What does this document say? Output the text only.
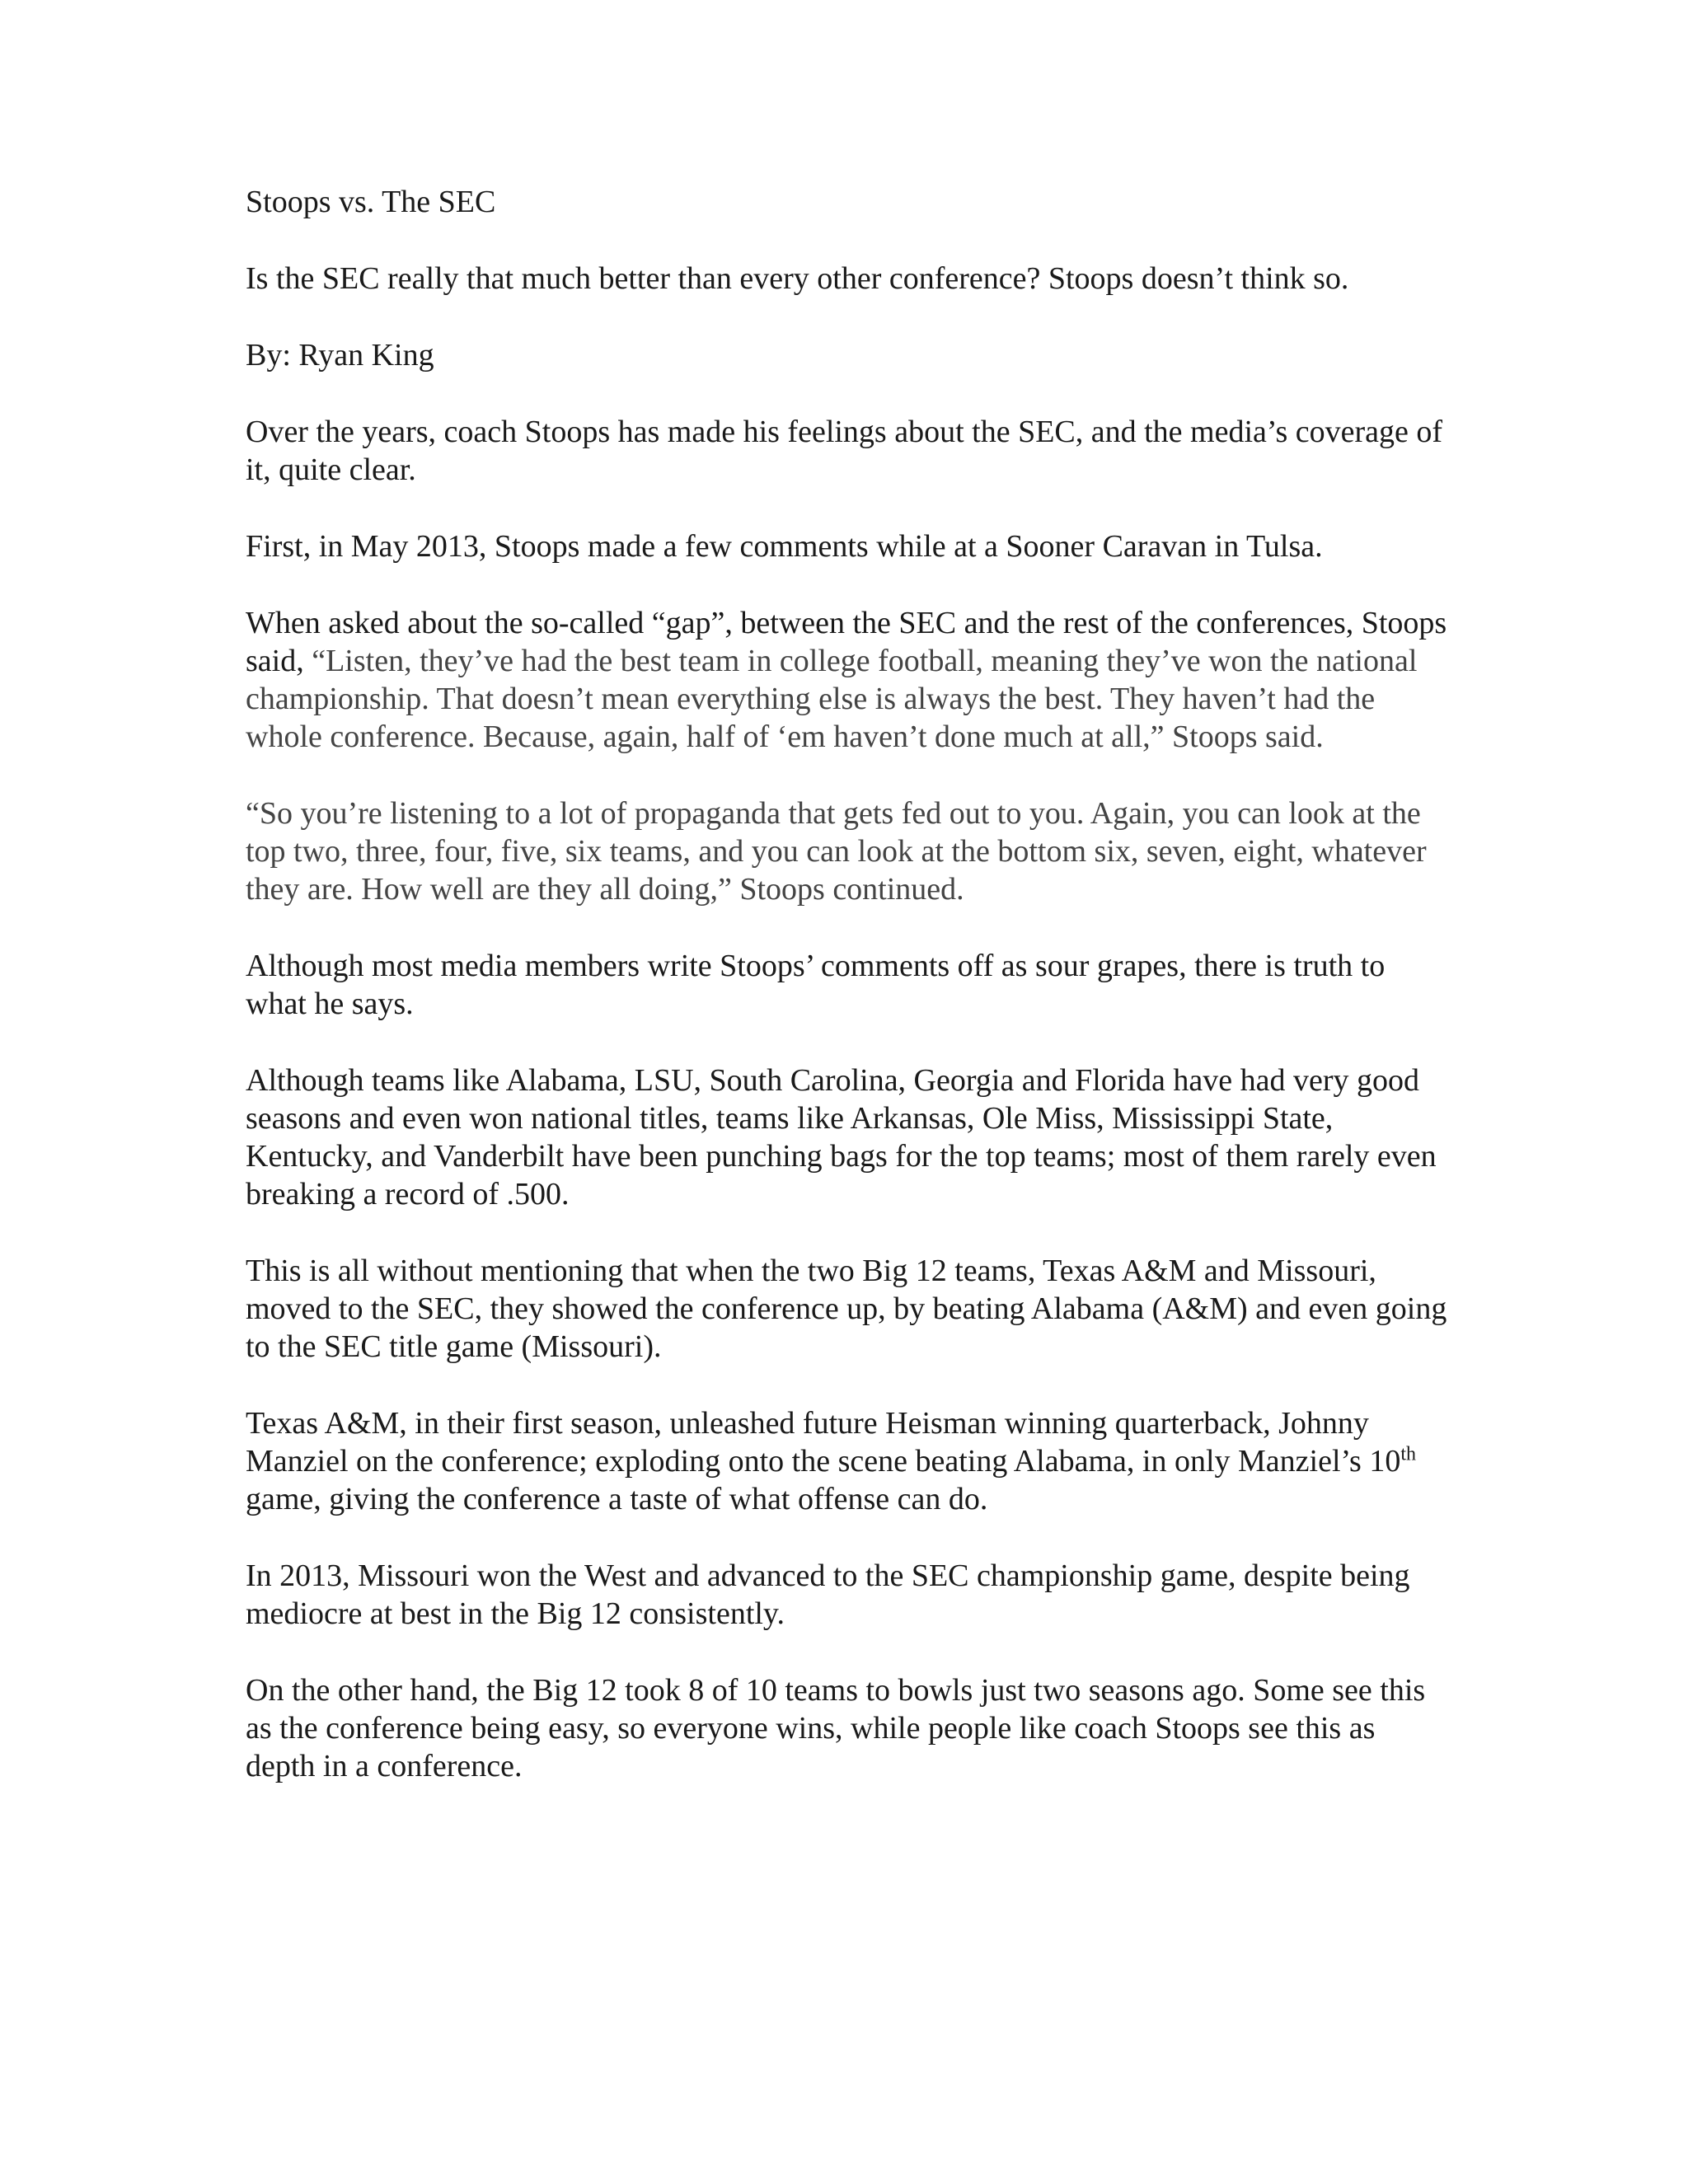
Stoops vs. The SEC

Is the SEC really that much better than every other conference? Stoops doesn’t think so.

By: Ryan King

Over the years, coach Stoops has made his feelings about the SEC, and the media’s coverage of it, quite clear.

First, in May 2013, Stoops made a few comments while at a Sooner Caravan in Tulsa.

When asked about the so-called “gap”, between the SEC and the rest of the conferences, Stoops said, “Listen, they’ve had the best team in college football, meaning they’ve won the national championship. That doesn’t mean everything else is always the best. They haven’t had the whole conference. Because, again, half of ‘em haven’t done much at all,” Stoops said.

“So you’re listening to a lot of propaganda that gets fed out to you. Again, you can look at the top two, three, four, five, six teams, and you can look at the bottom six, seven, eight, whatever they are. How well are they all doing,” Stoops continued.

Although most media members write Stoops’ comments off as sour grapes, there is truth to what he says.

Although teams like Alabama, LSU, South Carolina, Georgia and Florida have had very good seasons and even won national titles, teams like Arkansas, Ole Miss, Mississippi State, Kentucky, and Vanderbilt have been punching bags for the top teams; most of them rarely even breaking a record of .500.

This is all without mentioning that when the two Big 12 teams, Texas A&M and Missouri, moved to the SEC, they showed the conference up, by beating Alabama (A&M) and even going to the SEC title game (Missouri).

Texas A&M, in their first season, unleashed future Heisman winning quarterback, Johnny Manziel on the conference; exploding onto the scene beating Alabama, in only Manziel’s 10th game, giving the conference a taste of what offense can do.

In 2013, Missouri won the West and advanced to the SEC championship game, despite being mediocre at best in the Big 12 consistently.

On the other hand, the Big 12 took 8 of 10 teams to bowls just two seasons ago. Some see this as the conference being easy, so everyone wins, while people like coach Stoops see this as depth in a conference.
